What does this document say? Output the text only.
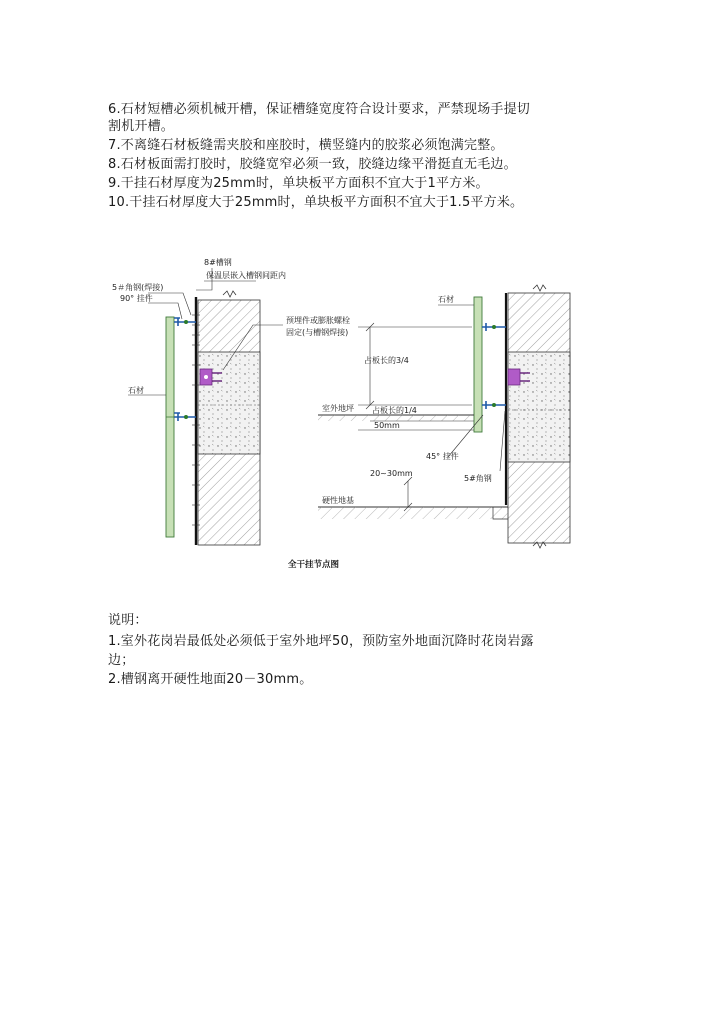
6.石材短槽必须机械开槽，保证槽缝宽度符合设计要求，严禁现场手提切
割机开槽。
7.不离缝石材板缝需夹胶和座胶时，横竖缝内的胶浆必须饱满完整。
8.石材板面需打胶时，胶缝宽窄必须一致，胶缝边缘平滑挺直无毛边。
9.干挂石材厚度为25mm时，单块板平方面积不宜大于1平方米。
10.干挂石材厚度大于25mm时，单块板平方面积不宜大于1.5平方米。
8#槽钢
保温层嵌入槽钢间距内
5＃角钢(焊接)
90° 挂件
预埋件或膨胀螺栓
固定(与槽钢焊接)
石材
石材
占板长的3/4
室外地坪 占板长的1/4
50mm
45° 挂件
20~30mm
5#角钢
硬性地基
全干挂节点图
说明：
1.室外花岗岩最低处必须低于室外地坪50，预防室外地面沉降时花岗岩露
边；
2.槽钢离开硬性地面20－30mm。
